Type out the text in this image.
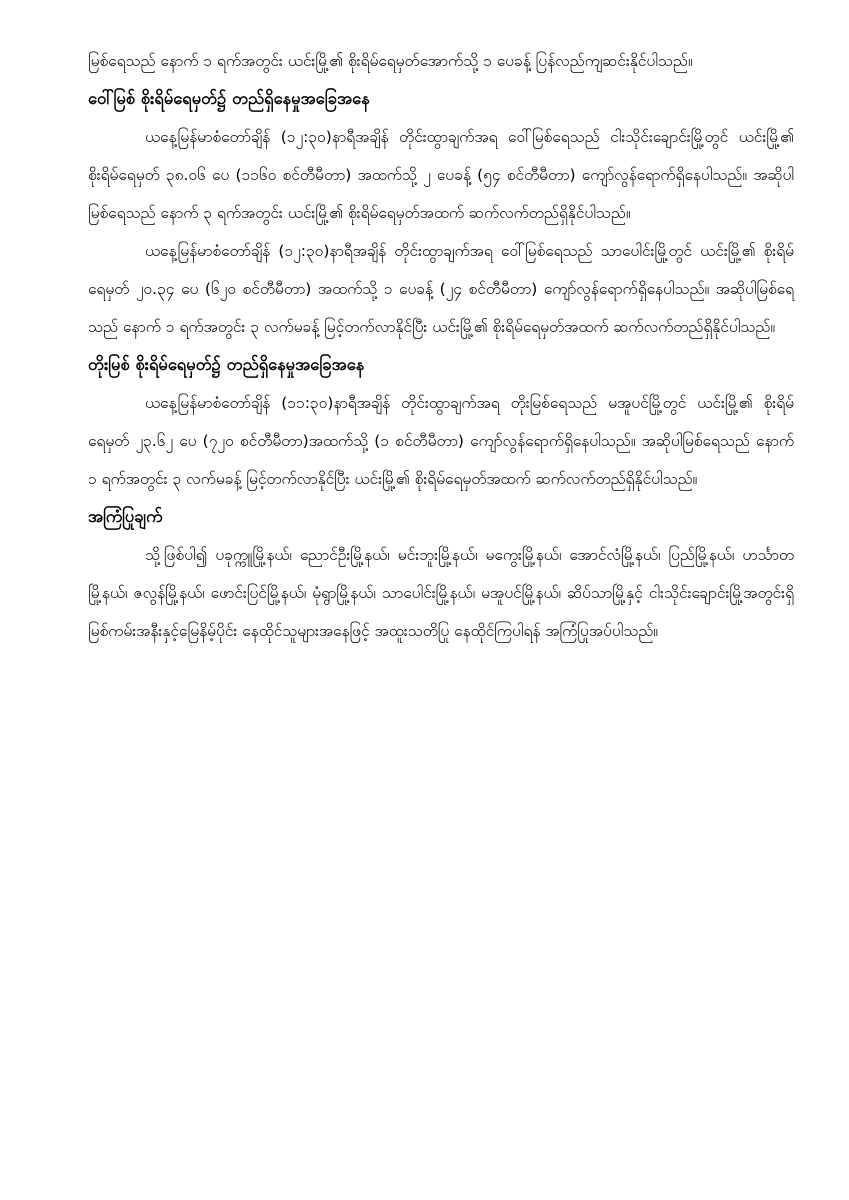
မြစ်ရေသည် နောက် ၁ ရက်အတွင်း ယင်းမြို့၏ စိုးရိမ်ရေမှတ်အောက်သို့ ၁ ပေခန့် ပြန်လည်ကျဆင်းနိုင်ပါသည်။

ဝေါ်မြစ် စိုးရိမ်ရေမှတ်၌ တည်ရှိနေမှုအခြေအနေ

ယနေ့မြန်မာစံတော်ချိန် (၁၂:၃၀)နာရီအချိန် တိုင်းထွာချက်အရ ဝေါ်မြစ်ရေသည် ငါးသိုင်းချောင်းမြို့တွင် ယင်းမြို့၏ စိုးရိမ်ရေမှတ် ၃၈.၀၆ ပေ (၁၁၆၀ စင်တီမီတာ) အထက်သို့ ၂ ပေခန့် (၅၄ စင်တီမီတာ) ကျော်လွန်ရောက်ရှိနေပါသည်။ အဆိုပါမြစ်ရေသည် နောက် ၃ ရက်အတွင်း ယင်းမြို့၏ စိုးရိမ်ရေမှတ်အထက် ဆက်လက်တည်ရှိနိုင်ပါသည်။

ယနေ့မြန်မာစံတော်ချိန် (၁၂:၃၀)နာရီအချိန် တိုင်းထွာချက်အရ ဝေါ်မြစ်ရေသည် သာပေါင်းမြို့တွင် ယင်းမြို့၏ စိုးရိမ်ရေမှတ် ၂၀.၃၄ ပေ (၆၂၀ စင်တီမီတာ) အထက်သို့ ၁ ပေခန့် (၂၄ စင်တီမီတာ) ကျော်လွန်ရောက်ရှိနေပါသည်။ အဆိုပါမြစ်ရေသည် နောက် ၁ ရက်အတွင်း ၃ လက်မခန့် မြင့်တက်လာနိုင်ပြီး ယင်းမြို့၏ စိုးရိမ်ရေမှတ်အထက် ဆက်လက်တည်ရှိနိုင်ပါသည်။

တိုးမြစ် စိုးရိမ်ရေမှတ်၌ တည်ရှိနေမှုအခြေအနေ

ယနေ့မြန်မာစံတော်ချိန် (၁၁:၃၀)နာရီအချိန် တိုင်းထွာချက်အရ တိုးမြစ်ရေသည် မအူပင်မြို့တွင် ယင်းမြို့၏ စိုးရိမ်ရေမှတ် ၂၃.၆၂ ပေ (၇၂၀ စင်တီမီတာ)အထက်သို့ (၁ စင်တီမီတာ) ကျော်လွန်ရောက်ရှိနေပါသည်။ အဆိုပါမြစ်ရေသည် နောက် ၁ ရက်အတွင်း ၃ လက်မခန့် မြင့်တက်လာနိုင်ပြီး ယင်းမြို့၏ စိုးရိမ်ရေမှတ်အထက် ဆက်လက်တည်ရှိနိုင်ပါသည်။

အကြံပြုချက်

သို့ဖြစ်ပါ၍ ပခုက္ကူမြို့နယ်၊ ညောင်ဦးမြို့နယ်၊ မင်းဘူးမြို့နယ်၊ မကွေးမြို့နယ်၊ အောင်လံမြို့နယ်၊ ပြည်မြို့နယ်၊ ဟင်္သာတမြို့နယ်၊ ဇလွန်မြို့နယ်၊ ဖောင်းပြင်မြို့နယ်၊ မုံရွာမြို့နယ်၊ သာပေါင်းမြို့နယ်၊ မအူပင်မြို့နယ်၊ ဆိပ်သာမြို့နှင့် ငါးသိုင်းချောင်းမြို့အတွင်းရှိ မြစ်ကမ်းအနီးနှင့်မြေနိမ့်ပိုင်း နေထိုင်သူများအနေဖြင့် အထူးသတိပြု နေထိုင်ကြပါရန် အကြံပြုအပ်ပါသည်။
